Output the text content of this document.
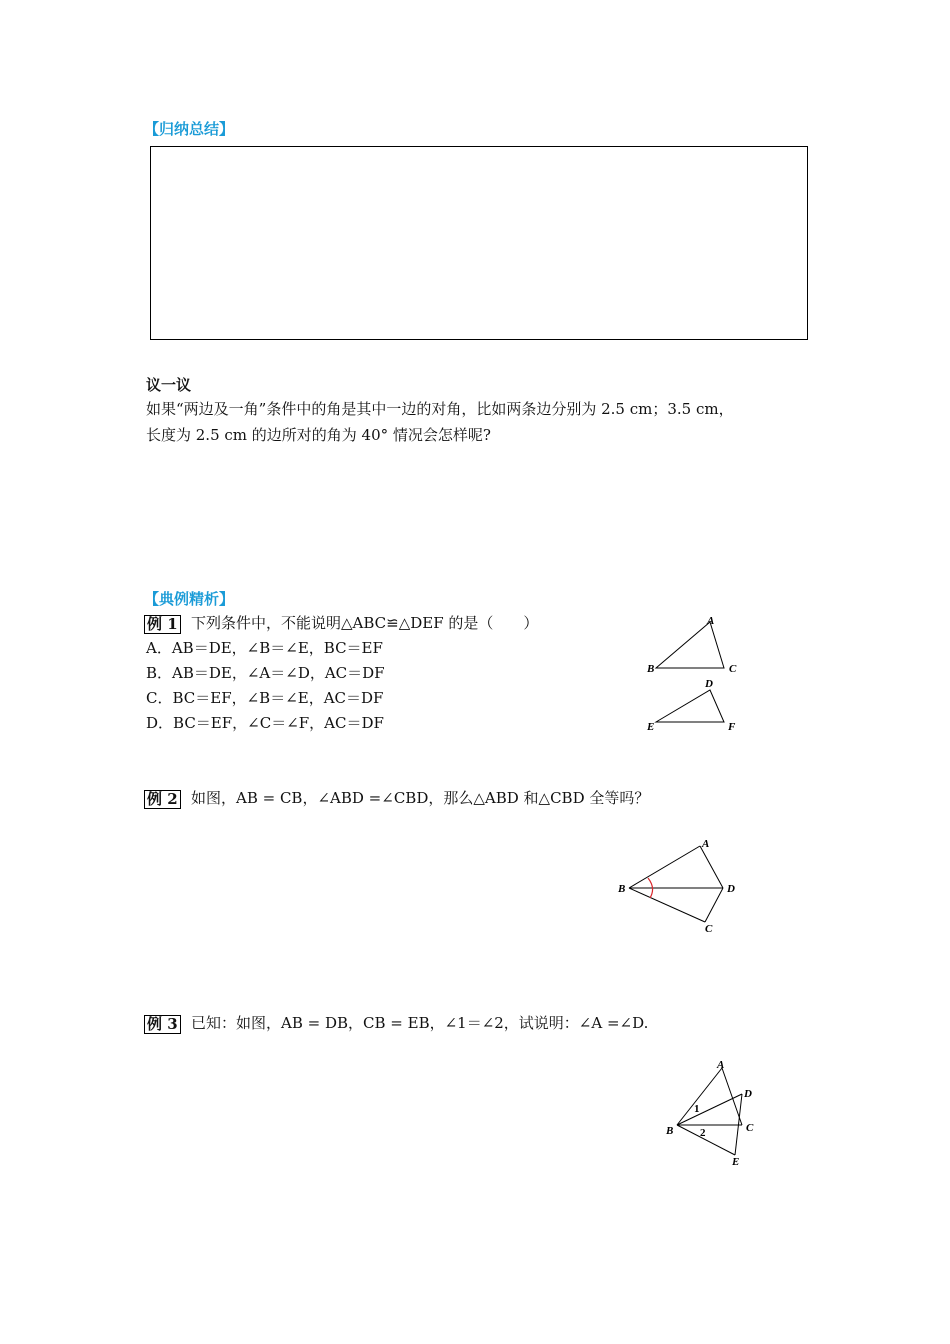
【归纳总结】
议一议
如果“两边及一角”条件中的角是其中一边的对角，比如两条边分别为 2.5 cm；3.5 cm，
长度为 2.5 cm 的边所对的角为 40° 情况会怎样呢?
【典例精析】
例 1 下列条件中，不能说明△ABC≌△DEF 的是（　　）
A．AB＝DE，∠B＝∠E，BC＝EF
B．AB＝DE，∠A＝∠D，AC＝DF
C．BC＝EF，∠B＝∠E，AC＝DF
D．BC＝EF，∠C＝∠F，AC＝DF
A
B	C
D
E	F
例 2 如图，AB = CB，∠ABD =∠CBD，那么△ABD 和△CBD 全等吗？
A
B
C
D
例 3 已知：如图，AB = DB，CB = EB，∠1＝∠2，试说明：∠A =∠D.
A
B	C
D
E
1
2
